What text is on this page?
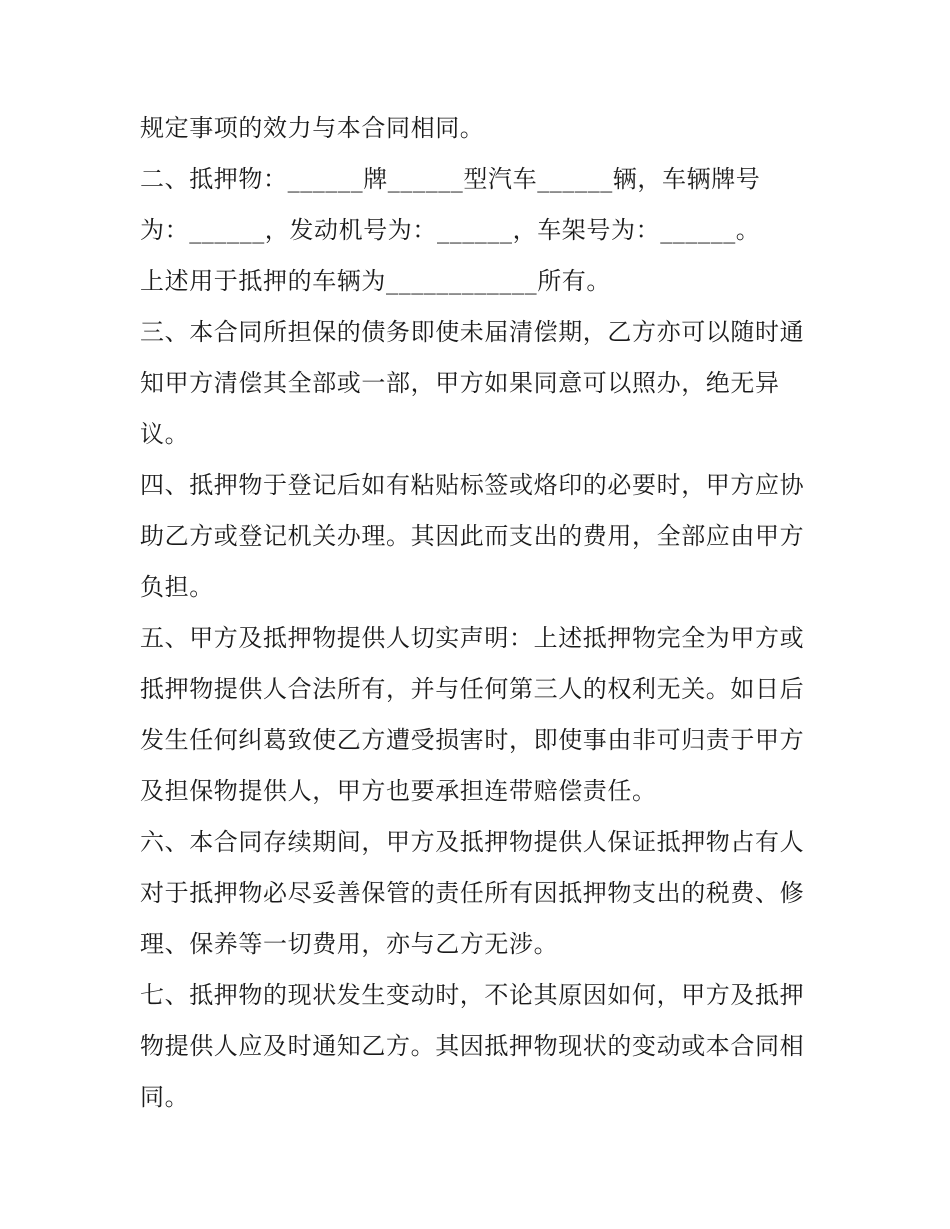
规定事项的效力与本合同相同。
二、抵押物：______牌______型汽车______辆，车辆牌号
为：______，发动机号为：______，车架号为：______。
上述用于抵押的车辆为____________所有。
三、本合同所担保的债务即使未届清偿期，乙方亦可以随时通
知甲方清偿其全部或一部，甲方如果同意可以照办，绝无异
议。
四、抵押物于登记后如有粘贴标签或烙印的必要时，甲方应协
助乙方或登记机关办理。其因此而支出的费用，全部应由甲方
负担。
五、甲方及抵押物提供人切实声明：上述抵押物完全为甲方或
抵押物提供人合法所有，并与任何第三人的权利无关。如日后
发生任何纠葛致使乙方遭受损害时，即使事由非可归责于甲方
及担保物提供人，甲方也要承担连带赔偿责任。
六、本合同存续期间，甲方及抵押物提供人保证抵押物占有人
对于抵押物必尽妥善保管的责任所有因抵押物支出的税费、修
理、保养等一切费用，亦与乙方无涉。
七、抵押物的现状发生变动时，不论其原因如何，甲方及抵押
物提供人应及时通知乙方。其因抵押物现状的变动或本合同相
同。
